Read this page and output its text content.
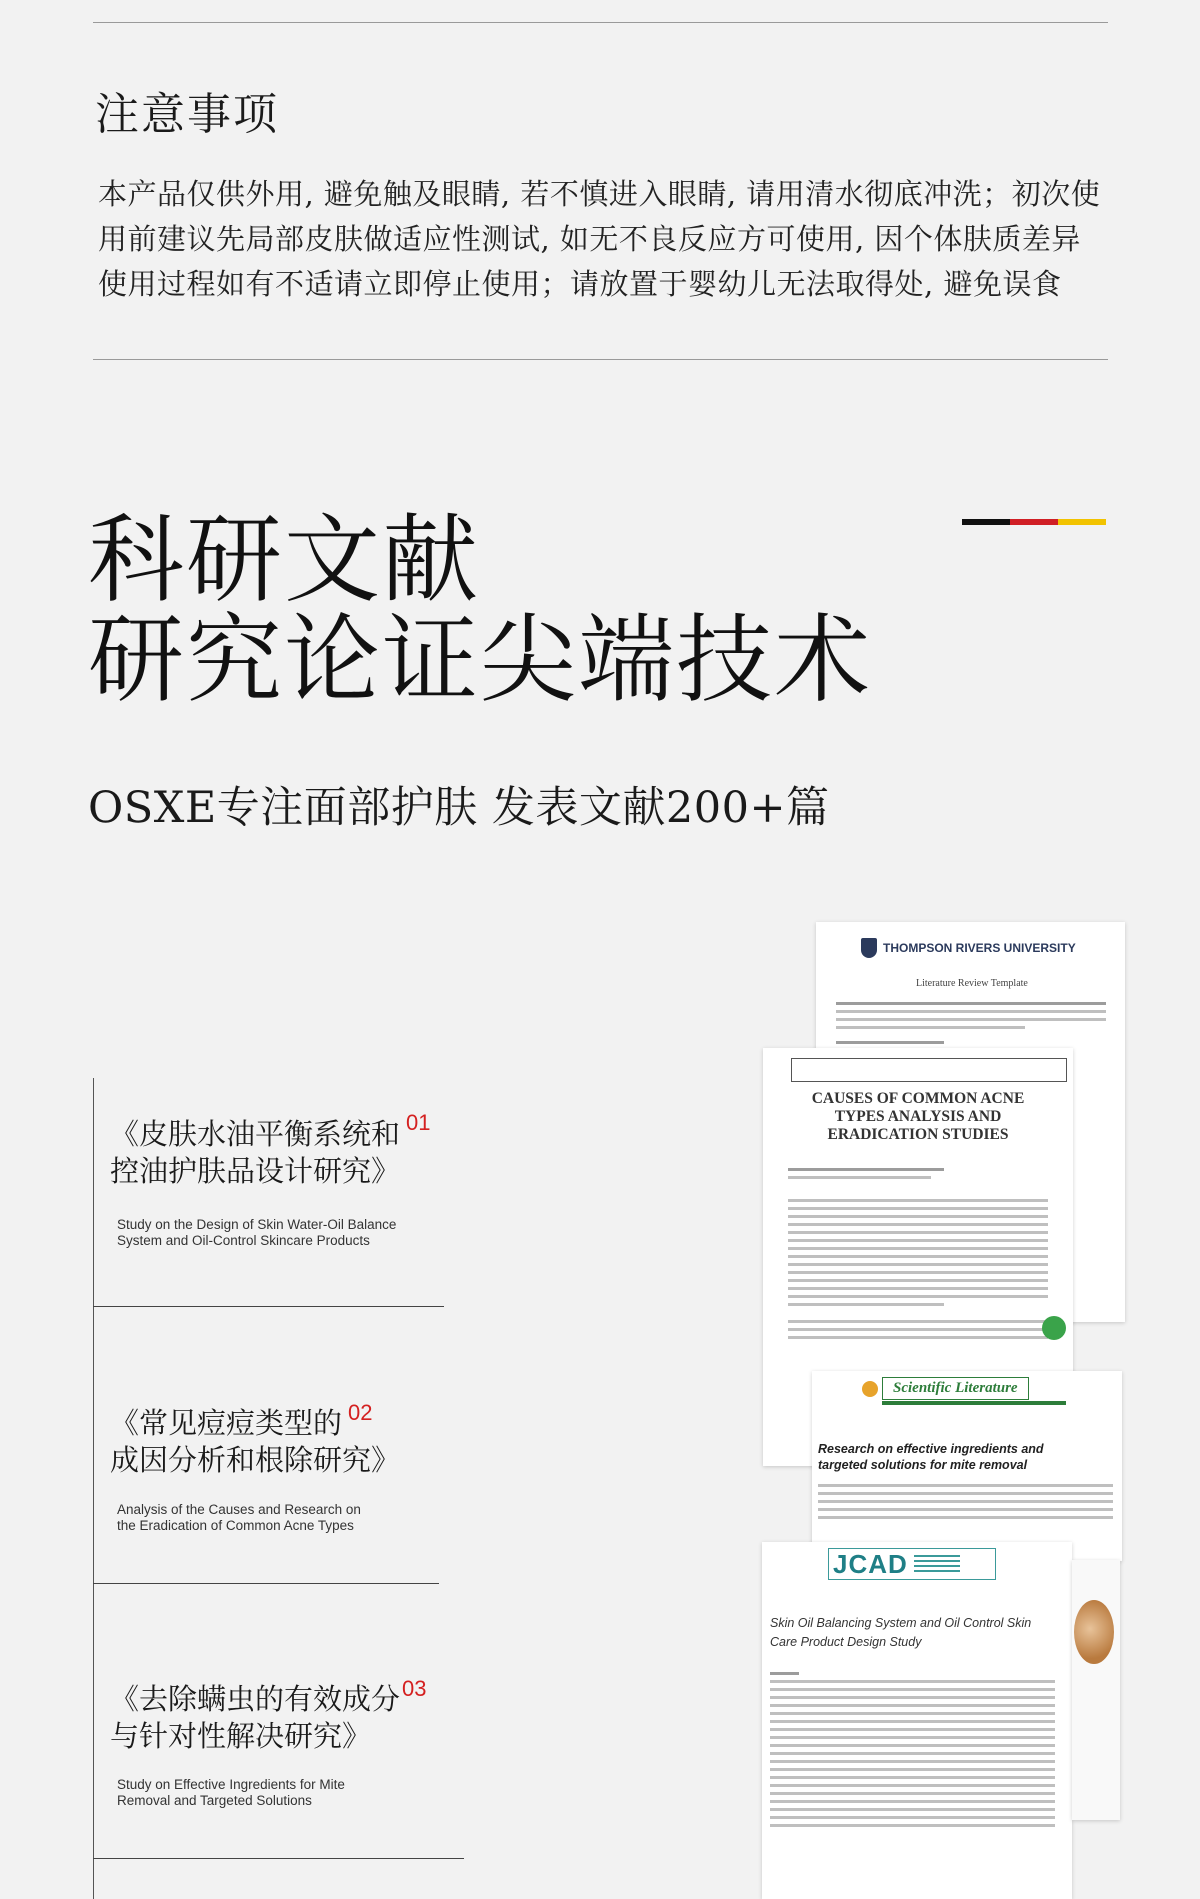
注意事项
本产品仅供外用, 避免触及眼睛, 若不慎进入眼睛, 请用清水彻底冲洗；初次使
用前建议先局部皮肤做适应性测试, 如无不良反应方可使用, 因个体肤质差异
使用过程如有不适请立即停止使用；请放置于婴幼儿无法取得处, 避免误食
科研文献
研究论证尖端技术
OSXE专注面部护肤 发表文献200+篇
《皮肤水油平衡系统和
控油护肤品设计研究》
01
Study on the Design of Skin Water-Oil Balance
System and Oil-Control Skincare Products
《常见痘痘类型的
成因分析和根除研究》
02
Analysis of the Causes and Research on
the Eradication of Common Acne Types
《去除螨虫的有效成分
与针对性解决研究》
03
Study on Effective Ingredients for Mite
Removal and Targeted Solutions
THOMPSON RIVERS UNIVERSITY
Literature Review Template
CAUSES OF COMMON ACNE
TYPES ANALYSIS AND
ERADICATION STUDIES
Scientific Literature
Research on effective ingredients and
targeted solutions for mite removal
JCAD
Skin Oil Balancing System and Oil Control Skin
Care Product Design Study
